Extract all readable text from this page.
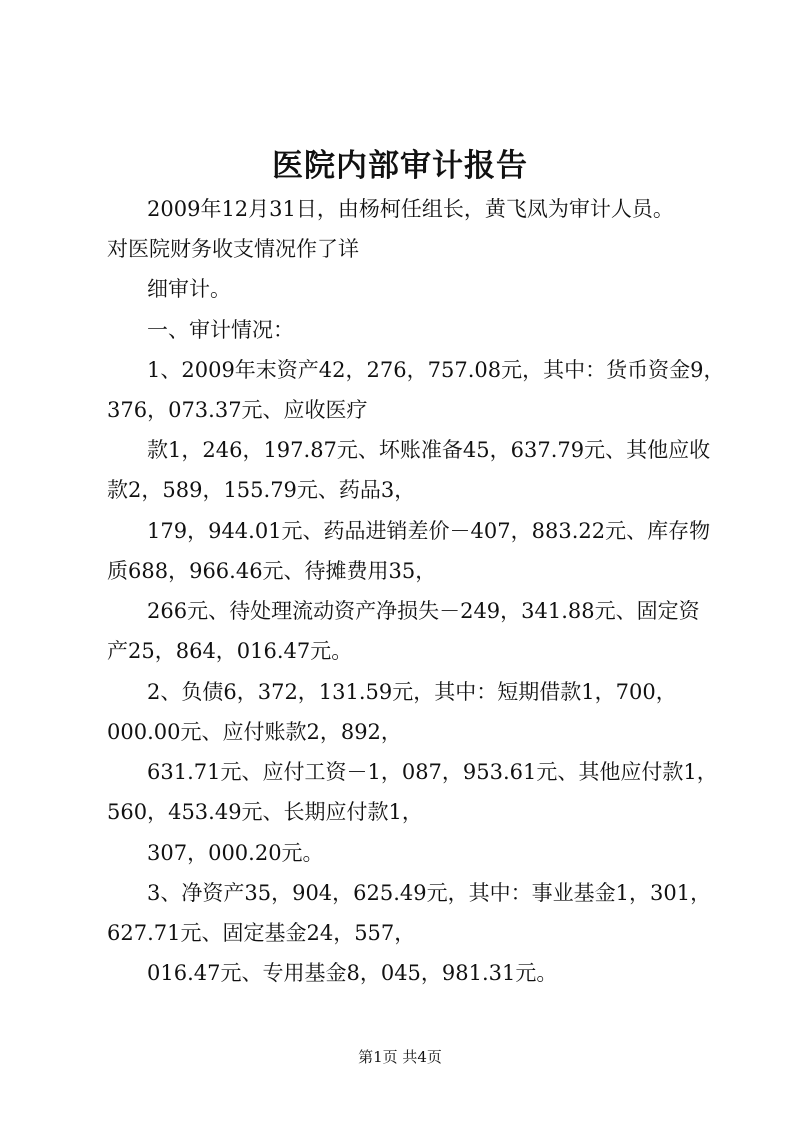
医院内部审计报告
2009年12月31日，由杨柯任组长，黄飞凤为审计人员。
对医院财务收支情况作了详
细审计。
一、审计情况：
1、2009年末资产42，276，757.08元，其中：货币资金9，
376，073.37元、应收医疗
款1，246，197.87元、坏账准备45，637.79元、其他应收
款2，589，155.79元、药品3，
179，944.01元、药品进销差价－407，883.22元、库存物
质688，966.46元、待摊费用35，
266元、待处理流动资产净损失－249，341.88元、固定资
产25，864，016.47元。
2、负债6，372，131.59元，其中：短期借款1，700，
000.00元、应付账款2，892，
631.71元、应付工资－1，087，953.61元、其他应付款1，
560，453.49元、长期应付款1，
307，000.20元。
3、净资产35，904，625.49元，其中：事业基金1，301，
627.71元、固定基金24，557，
016.47元、专用基金8，045，981.31元。
第1页 共4页
